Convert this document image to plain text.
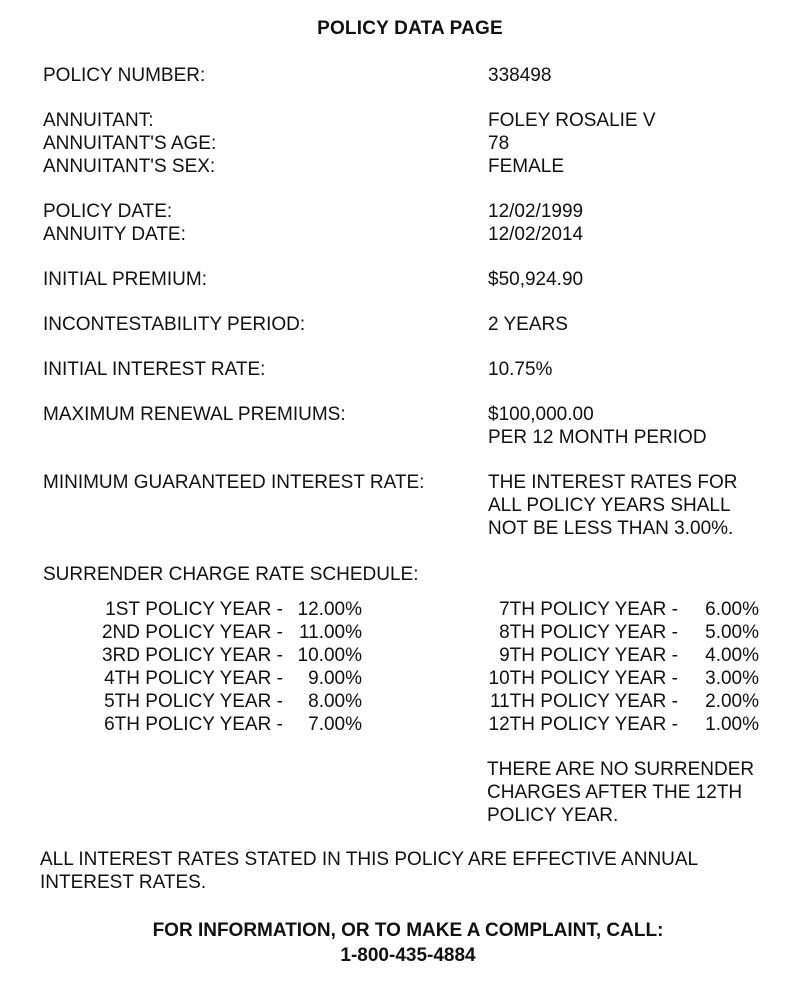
POLICY DATA PAGE
POLICY NUMBER:	338498
ANNUITANT:	FOLEY ROSALIE V
ANNUITANT'S AGE:	78
ANNUITANT'S SEX:	FEMALE
POLICY DATE:	12/02/1999
ANNUITY DATE:	12/02/2014
INITIAL PREMIUM:	$50,924.90
INCONTESTABILITY PERIOD:	2 YEARS
INITIAL INTEREST RATE:	10.75%
MAXIMUM RENEWAL PREMIUMS:	$100,000.00
PER 12 MONTH PERIOD
MINIMUM GUARANTEED INTEREST RATE:	THE INTEREST RATES FOR
ALL POLICY YEARS SHALL
NOT BE LESS THAN 3.00%.
SURRENDER CHARGE RATE SCHEDULE:
1ST POLICY YEAR - 12.00%
2ND POLICY YEAR - 11.00%
3RD POLICY YEAR - 10.00%
4TH POLICY YEAR -	9.00%
5TH POLICY YEAR -	8.00%
6TH POLICY YEAR -	7.00%
7TH POLICY YEAR -	6.00%
8TH POLICY YEAR -	5.00%
9TH POLICY YEAR -	4.00%
10TH POLICY YEAR -	3.00%
11TH POLICY YEAR -	2.00%
12TH POLICY YEAR -	1.00%
THERE ARE NO SURRENDER
CHARGES AFTER THE 12TH
POLICY YEAR.
ALL INTEREST RATES STATED IN THIS POLICY ARE EFFECTIVE ANNUAL
INTEREST RATES.
FOR INFORMATION, OR TO MAKE A COMPLAINT, CALL:
1-800-435-4884
